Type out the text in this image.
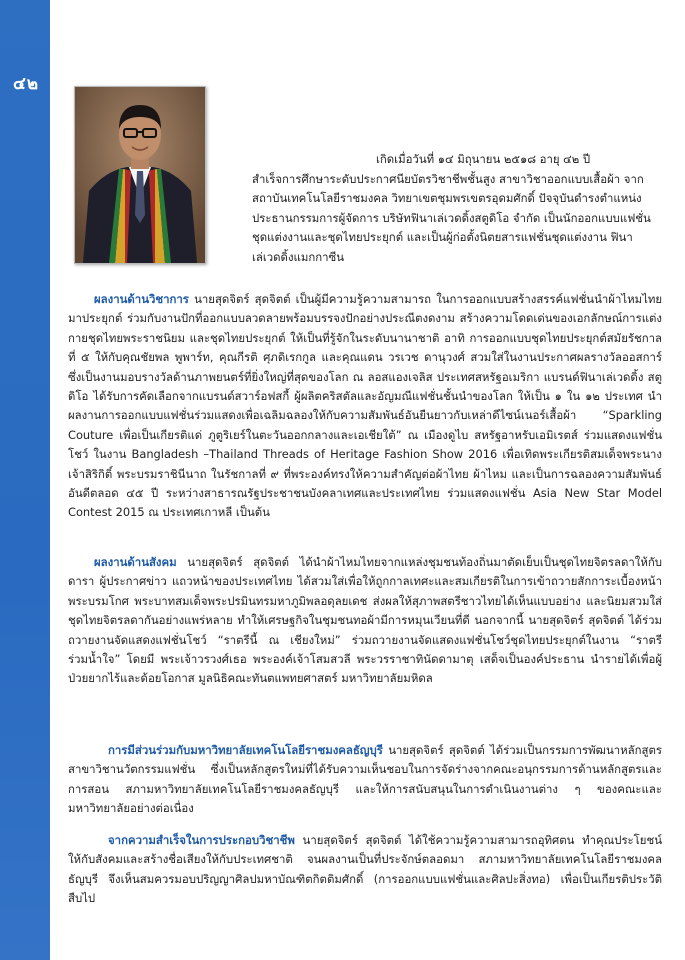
๔๒

เกิดเมื่อวันที่ ๑๔ มิถุนายน ๒๕๑๘ อายุ ๔๒ ปี

สำเร็จการศึกษาระดับประกาศนียบัตรวิชาชีพชั้นสูง สาขาวิชาออกแบบเสื้อผ้า จากสถาบันเทคโนโลยีราชมงคล วิทยาเขตชุมพรเขตรอุดมศักดิ์ ปัจจุบันดำรงตำแหน่งประธานกรรมการผู้จัดการ บริษัทฟินาเล่เวดดิ้งสตูดิโอ จำกัด เป็นนักออกแบบแฟชั่นชุดแต่งงานและชุดไทยประยุกต์ และเป็นผู้ก่อตั้งนิตยสารแฟชั่นชุดแต่งงาน ฟินาเล่เวดดิ้งแมกกาซีน

ผลงานด้านวิชาการ นายสุดจิตร์ สุดจิตต์ เป็นผู้มีความรู้ความสามารถ ในการออกแบบสร้างสรรค์แฟชั่นนำผ้าไหมไทยมาประยุกต์ ร่วมกับงานปักที่ออกแบบลวดลายพร้อมบรรจงปักอย่างประณีตงดงาม สร้างความโดดเด่นของเอกลักษณ์การแต่งกายชุดไทยพระราชนิยม และชุดไทยประยุกต์ ให้เป็นที่รู้จักในระดับนานาชาติ อาทิ การออกแบบชุดไทยประยุกต์สมัยรัชกาลที่ ๕ ให้กับคุณชัยพล พูพาร์ท, คุณกีรติ ศุภดิเรกกูล และคุณแดน วรเวช ดานุวงศ์ สวมใส่ในงานประกาศผลรางวัลออสการ์ ซึ่งเป็นงานมอบรางวัลด้านภาพยนตร์ที่ยิ่งใหญ่ที่สุดของโลก ณ ลอสแองเจลิส ประเทศสหรัฐอเมริกา แบรนด์ฟินาเล่เวดดิ้ง สตูดิโอ ได้รับการคัดเลือกจากแบรนด์สวาร์อฟสกี้ ผู้ผลิตคริสตัลและอัญมณีแฟชั่นชั้นนำของโลก ให้เป็น ๑ ใน ๑๒ ประเทศ นำผลงานการออกแบบแฟชั่นร่วมแสดงเพื่อเฉลิมฉลองให้กับความสัมพันธ์อันยืนยาวกับเหล่าดีไซน์เนอร์เสื้อผ้า “Sparkling Couture เพื่อเป็นเกียรติแด่ ภูตูริเยร์ในตะวันออกกลางและเอเชียใต้” ณ เมืองดูไบ สหรัฐอาหรับเอมิเรตส์ ร่วมแสดงแฟชั่นโชว์ ในงาน Bangladesh –Thailand Threads of Heritage Fashion Show 2016 เพื่อเทิดพระเกียรติสมเด็จพระนางเจ้าสิริกิติ์ พระบรมราชินีนาถ ในรัชกาลที่ ๙ ที่พระองค์ทรงให้ความสำคัญต่อผ้าไทย ผ้าไหม และเป็นการฉลองความสัมพันธ์อันดีตลอด ๔๕ ปี ระหว่างสาธารณรัฐประชาชนบังคลาเทศและประเทศไทย ร่วมแสดงแฟชั่น Asia New Star Model Contest 2015 ณ ประเทศเกาหลี เป็นต้น

ผลงานด้านสังคม นายสุดจิตร์ สุดจิตต์ ได้นำผ้าไหมไทยจากแหล่งชุมชนท้องถิ่นมาตัดเย็บเป็นชุดไทยจิตรลดาให้กับดารา ผู้ประกาศข่าว แถวหน้าของประเทศไทย ได้สวมใส่เพื่อให้ถูกกาลเทศะและสมเกียรติในการเข้าถวายสักการะเบื้องหน้าพระบรมโกศ พระบาทสมเด็จพระปรมินทรมหาภูมิพลอดุลยเดช ส่งผลให้สุภาพสตรีชาวไทยได้เห็นแบบอย่าง และนิยมสวมใส่ชุดไทยจิตรลดากันอย่างแพร่หลาย ทำให้เศรษฐกิจในชุมชนทอผ้ามีการหมุนเวียนที่ดี นอกจากนี้ นายสุดจิตร์ สุดจิตต์ ได้ร่วมถวายงานจัดแสดงแฟชั่นโชว์ “ราตรีนี้ ณ เชียงใหม่” ร่วมถวายงานจัดแสดงแฟชั่นโชว์ชุดไทยประยุกต์ในงาน “ราตรีร่วมน้ำใจ” โดยมี พระเจ้าวรวงศ์เธอ พระองค์เจ้าโสมสวลี พระวรราชาทินัดดามาตุ เสด็จเป็นองค์ประธาน นำรายได้เพื่อผู้ป่วยยากไร้และด้อยโอกาส มูลนิธิคณะทันตแพทยศาสตร์ มหาวิทยาลัยมหิดล

การมีส่วนร่วมกับมหาวิทยาลัยเทคโนโลยีราชมงคลธัญบุรี นายสุดจิตร์ สุดจิตต์ ได้ร่วมเป็นกรรมการพัฒนาหลักสูตรสาขาวิชานวัตกรรมแฟชั่น ซึ่งเป็นหลักสูตรใหม่ที่ได้รับความเห็นชอบในการจัดร่างจากคณะอนุกรรมการด้านหลักสูตรและการสอน สภามหาวิทยาลัยเทคโนโลยีราชมงคลธัญบุรี และให้การสนับสนุนในการดำเนินงานต่าง ๆ ของคณะและมหาวิทยาลัยอย่างต่อเนื่อง

จากความสำเร็จในการประกอบวิชาชีพ นายสุดจิตร์ สุดจิตต์ ได้ใช้ความรู้ความสามารถอุทิศตน ทำคุณประโยชน์ ให้กับสังคมและสร้างชื่อเสียงให้กับประเทศชาติ จนผลงานเป็นที่ประจักษ์ตลอดมา สภามหาวิทยาลัยเทคโนโลยีราชมงคลธัญบุรี จึงเห็นสมควรมอบปริญญาศิลปมหาบัณฑิตกิตติมศักดิ์ (การออกแบบแฟชั่นและศิลปะสิ่งทอ) เพื่อเป็นเกียรติประวัติสืบไป
